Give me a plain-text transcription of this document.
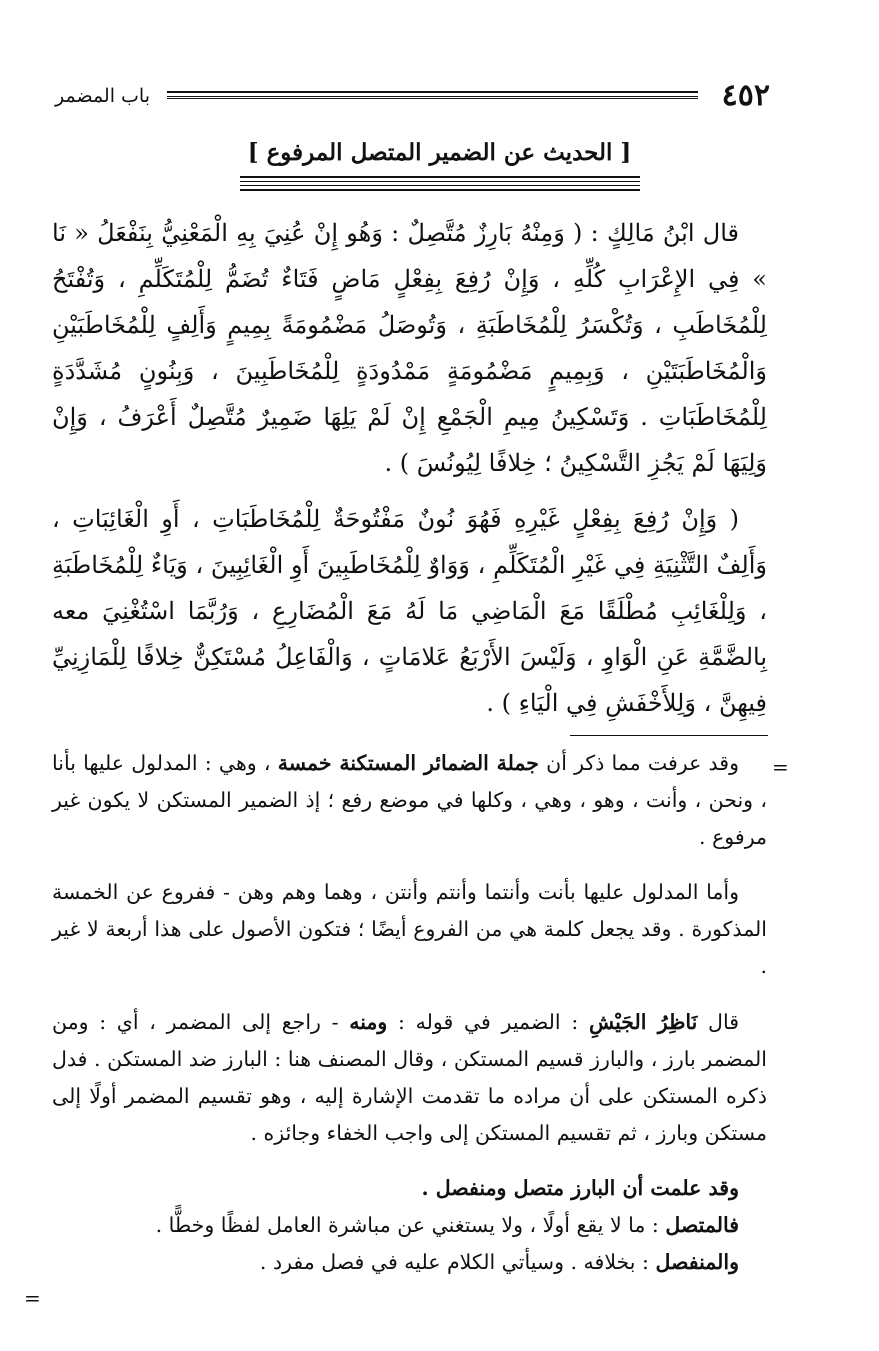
٤٥٢
باب المضمر
[ الحديث عن الضمير المتصل المرفوع ]
قال ابْنُ مَالِكٍ : ( وَمِنْهُ بَارِزٌ مُتَّصِلٌ : وَهُو إِنْ عُنِيَ بِهِ الْمَعْنِيُّ بِنَفْعَلُ « نَا » فِي الإِعْرَابِ كُلِّهِ ، وَإِنْ رُفِعَ بِفِعْلٍ مَاضٍ فَتَاءٌ تُضَمُّ لِلْمُتَكَلِّمِ ، وَتُفْتَحُ لِلْمُخَاطَبِ ، وَتُكْسَرُ لِلْمُخَاطَبَةِ ، وَتُوصَلُ مَضْمُومَةً بِمِيمٍ وَأَلِفٍ لِلْمُخَاطَبَيْنِ وَالْمُخَاطَبَتَيْنِ ، وَبِمِيمٍ مَضْمُومَةٍ مَمْدُودَةٍ لِلْمُخَاطَبِينَ ، وَبِنُونٍ مُشَدَّدَةٍ لِلْمُخَاطَبَاتِ . وَتَسْكِينُ مِيمِ الْجَمْعِ إِنْ لَمْ يَلِهَا ضَمِيرٌ مُتَّصِلٌ أَعْرَفُ ، وَإِنْ وَلِيَهَا لَمْ يَجُزِ التَّسْكِينُ ؛ خِلافًا لِيُونُسَ ) .
( وَإِنْ رُفِعَ بِفِعْلٍ غَيْرِهِ فَهُوَ نُونٌ مَفْتُوحَةٌ لِلْمُخَاطَبَاتِ ، أَوِ الْغَائِبَاتِ ، وَأَلِفٌ التَّثْنِيَةِ فِي غَيْرِ الْمُتَكَلِّمِ ، وَوَاوٌ لِلْمُخَاطَبِينَ أَوِ الْغَائِبِينَ ، وَيَاءٌ لِلْمُخَاطَبَةِ ، وَلِلْغَائِبِ مُطْلَقًا مَعَ الْمَاضِي مَا لَهُ مَعَ الْمُضَارِعِ ، وَرُبَّمَا اسْتُغْنِيَ معه بِالضَّمَّةِ عَنِ الْوَاوِ ، وَلَيْسَ الأَرْبَعُ عَلامَاتٍ ، وَالْفَاعِلُ مُسْتَكِنٌّ خِلافًا لِلْمَازِنِيِّ فِيهِنَّ ، وَلِلأَخْفَشِ فِي الْيَاءِ ) .
=
وقد عرفت مما ذكر أن جملة الضمائر المستكنة خمسة ، وهي : المدلول عليها بأنا ، ونحن ، وأنت ، وهو ، وهي ، وكلها في موضع رفع ؛ إذ الضمير المستكن لا يكون غير مرفوع .
وأما المدلول عليها بأنت وأنتما وأنتم وأنتن ، وهما وهم وهن - ففروع عن الخمسة المذكورة . وقد يجعل كلمة هي من الفروع أيضًا ؛ فتكون الأصول على هذا أربعة لا غير .
قال نَاظِرُ الجَيْشِ : الضمير في قوله : ومنه - راجع إلى المضمر ، أي : ومن المضمر بارز ، والبارز قسيم المستكن ، وقال المصنف هنا : البارز ضد المستكن . فدل ذكره المستكن على أن مراده ما تقدمت الإشارة إليه ، وهو تقسيم المضمر أولًا إلى مستكن وبارز ، ثم تقسيم المستكن إلى واجب الخفاء وجائزه .
وقد علمت أن البارز متصل ومنفصل .
فالمتصل : ما لا يقع أولًا ، ولا يستغني عن مباشرة العامل لفظًا وخطًّا .
والمنفصل : بخلافه . وسيأتي الكلام عليه في فصل مفرد .
=
